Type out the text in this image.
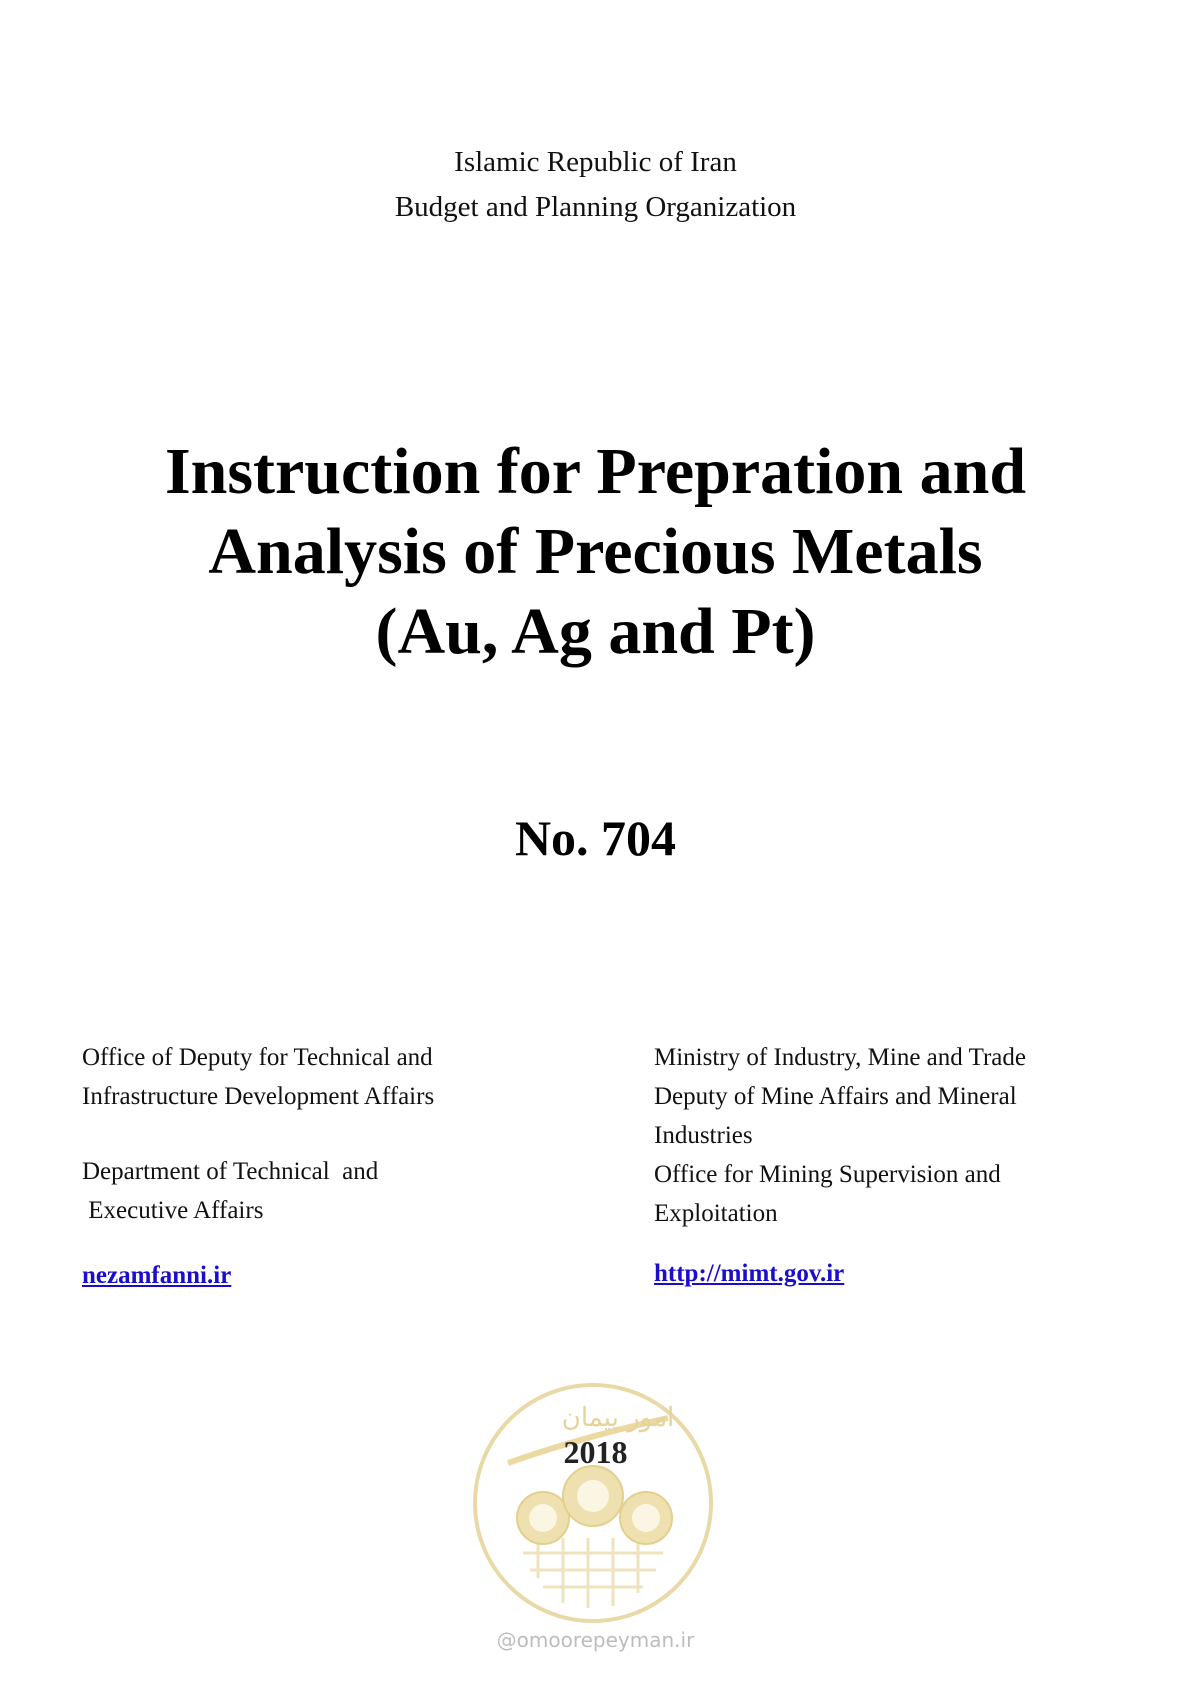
Islamic Republic of Iran
Budget and Planning Organization
Instruction for Prepration and
Analysis of Precious Metals
(Au, Ag and Pt)
No. 704
Office of Deputy for Technical and
Infrastructure Development Affairs
Department of Technical  and
Executive Affairs
nezamfanni.ir
Ministry of Industry, Mine and Trade
Deputy of Mine Affairs and Mineral
Industries
Office for Mining Supervision and
Exploitation
http://mimt.gov.ir
امور پیمان
2018
@omoorepeyman.ir
